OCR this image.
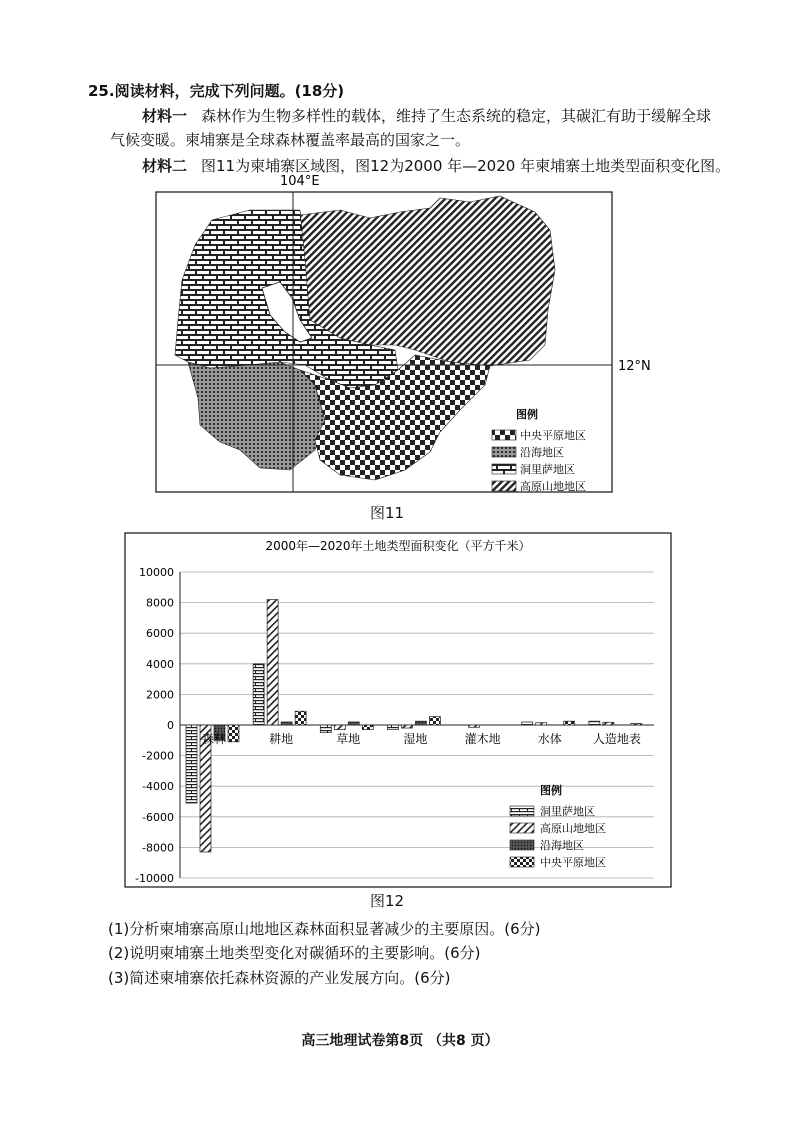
25.阅读材料，完成下列问题。(18分)
材料一 森林作为生物多样性的载体，维持了生态系统的稳定，其碳汇有助于缓解全球
气候变暖。柬埔寨是全球森林覆盖率最高的国家之一。
材料二 图11为柬埔寨区域图，图12为2000 年—2020 年柬埔寨土地类型面积变化图。
104°E
12°N
图例
中央平原地区
沿海地区
洞里萨地区
高原山地地区
图11
2000年—2020年土地类型面积变化（平方千米）
10000
8000
6000
4000
2000
0
-2000
-4000
-6000
-8000
-10000
森林	耕地	草地	湿地	灌木地	水体	人造地表
图例
洞里萨地区
高原山地地区
沿海地区
中央平原地区
图12
(1)分析柬埔寨高原山地地区森林面积显著减少的主要原因。(6分)
(2)说明柬埔寨土地类型变化对碳循环的主要影响。(6分)
(3)简述柬埔寨依托森林资源的产业发展方向。(6分)
高三地理试卷第8页 （共8 页）
